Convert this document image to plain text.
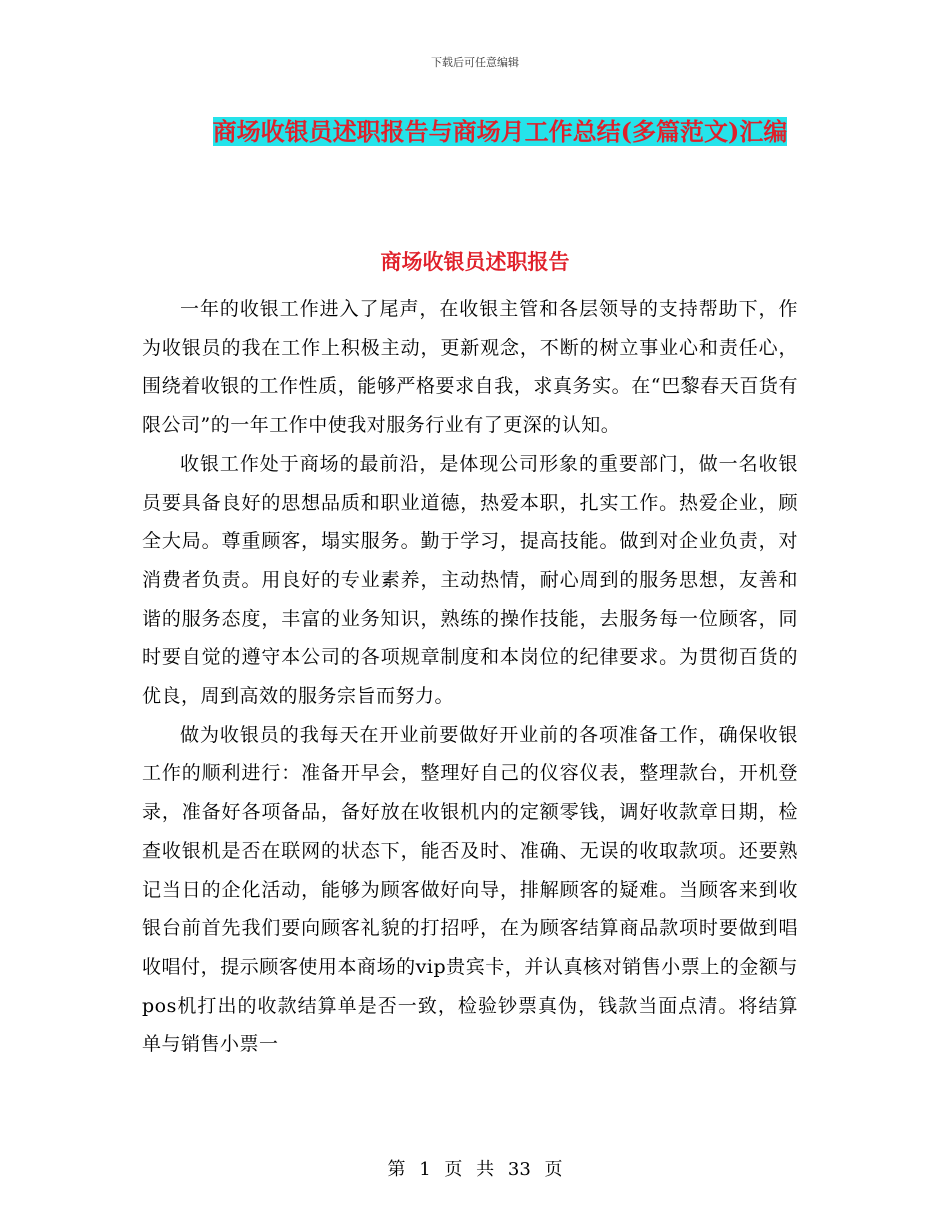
下载后可任意编辑
商场收银员述职报告与商场月工作总结(多篇范文)汇编
商场收银员述职报告

一年的收银工作进入了尾声，在收银主管和各层领导的支持帮助下，作为收银员的我在工作上积极主动，更新观念，不断的树立事业心和责任心，围绕着收银的工作性质，能够严格要求自我，求真务实。在“巴黎春天百货有限公司”的一年工作中使我对服务行业有了更深的认知。

收银工作处于商场的最前沿，是体现公司形象的重要部门，做一名收银员要具备良好的思想品质和职业道德，热爱本职，扎实工作。热爱企业，顾全大局。尊重顾客，塌实服务。勤于学习，提高技能。做到对企业负责，对消费者负责。用良好的专业素养，主动热情，耐心周到的服务思想，友善和谐的服务态度，丰富的业务知识，熟练的操作技能，去服务每一位顾客，同时要自觉的遵守本公司的各项规章制度和本岗位的纪律要求。为贯彻百货的优良，周到高效的服务宗旨而努力。

做为收银员的我每天在开业前要做好开业前的各项准备工作，确保收银工作的顺利进行：准备开早会，整理好自己的仪容仪表，整理款台，开机登录，准备好各项备品，备好放在收银机内的定额零钱，调好收款章日期，检查收银机是否在联网的状态下，能否及时、准确、无误的收取款项。还要熟记当日的企化活动，能够为顾客做好向导，排解顾客的疑难。当顾客来到收银台前首先我们要向顾客礼貌的打招呼，在为顾客结算商品款项时要做到唱收唱付，提示顾客使用本商场的vip贵宾卡，并认真核对销售小票上的金额与pos机打出的收款结算单是否一致，检验钞票真伪，钱款当面点清。将结算单与销售小票一

第 1 页 共 33 页
